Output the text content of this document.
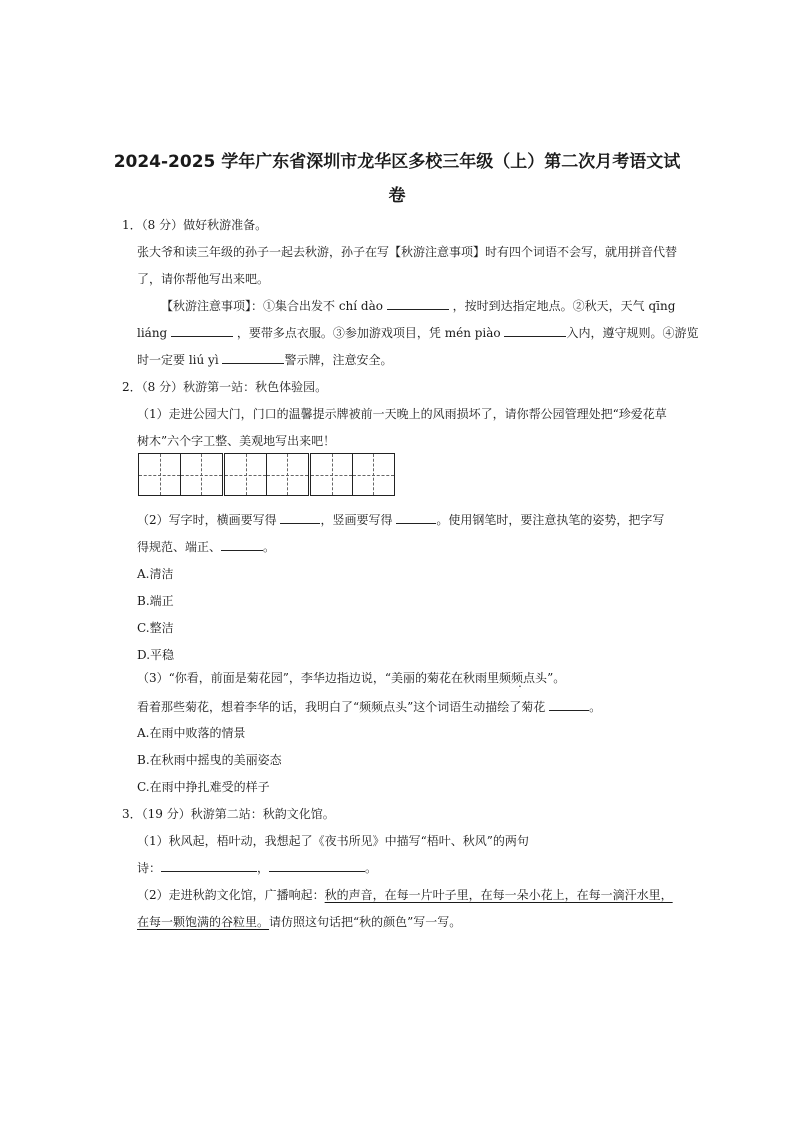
2024-2025 学年广东省深圳市龙华区多校三年级（上）第二次月考语文试
卷
1．（8 分）做好秋游准备。
张大爷和读三年级的孙子一起去秋游，孙子在写【秋游注意事项】时有四个词语不会写，就用拼音代替
了，请你帮他写出来吧。
【秋游注意事项】：①集合出发不 chí dào	，按时到达指定地点。②秋天，天气 qīng
liáng	，要带多点衣服。③参加游戏项目，凭 mén piào	入内，遵守规则。④游览
时一定要 liú yì	警示牌，注意安全。
2．（8 分）秋游第一站：秋色体验园。
（1）走进公园大门，门口的温馨提示牌被前一天晚上的风雨损坏了，请你帮公园管理处把“珍爱花草
树木”六个字工整、美观地写出来吧！
（2）写字时，横画要写得	，竖画要写得	。使用钢笔时，要注意执笔的姿势，把字写
得规范、端正、	。
A.清洁
B.端正
C.整洁
D.平稳
（3）“你看，前面是菊花园”，李华边指边说，“美丽的菊花在秋雨里频频点头”。
看着那些菊花，想着李华的话，我明白了“频频点头”这个词语生动描绘了菊花	。
A.在雨中败落的情景
B.在秋雨中摇曳的美丽姿态
C.在雨中挣扎难受的样子
3．（19 分）秋游第二站：秋韵文化馆。
（1）秋风起，梧叶动，我想起了《夜书所见》中描写“梧叶、秋风”的两句
诗：	，	。
（2）走进秋韵文化馆，广播响起：秋的声音，在每一片叶子里，在每一朵小花上，在每一滴汗水里，
在每一颗饱满的谷粒里。请仿照这句话把“秋的颜色”写一写。
